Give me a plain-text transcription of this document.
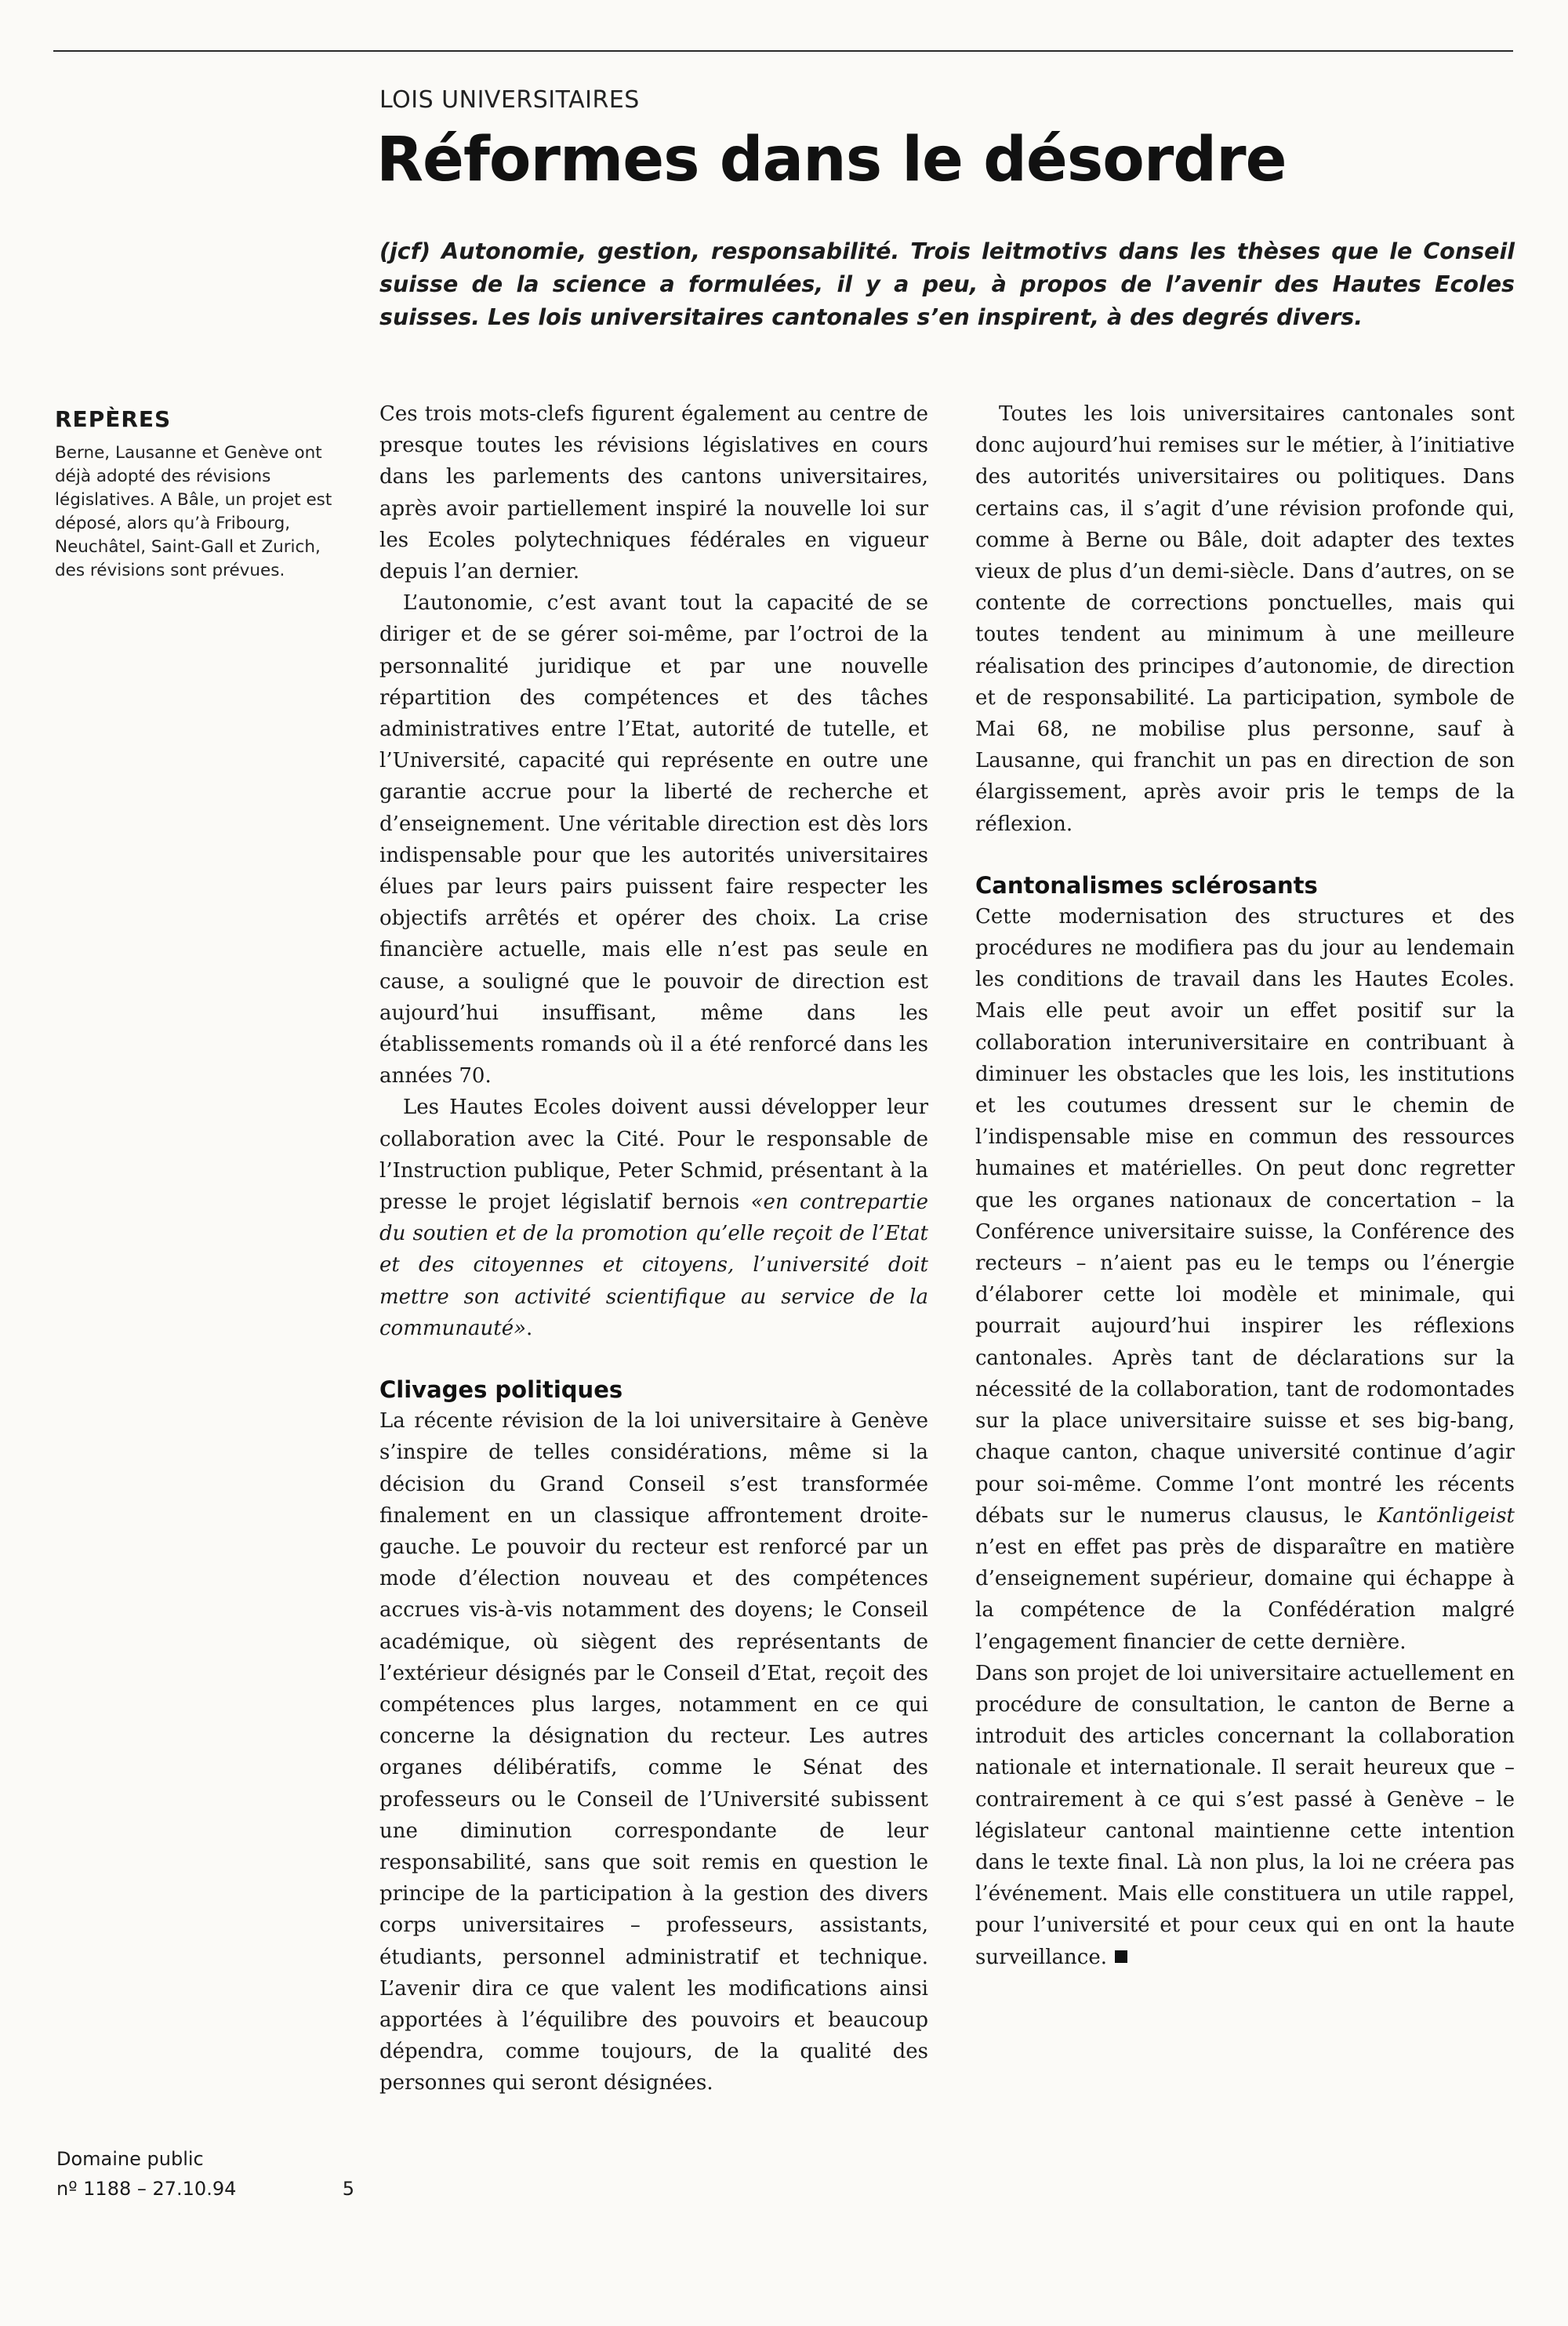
LOIS UNIVERSITAIRES
Réformes dans le désordre

(jcf) Autonomie, gestion, responsabilité. Trois leitmotivs dans les thèses que le Conseil suisse de la science a formulées, il y a peu, à propos de l’avenir des Hautes Ecoles suisses. Les lois universitaires cantonales s’en inspirent, à des degrés divers.

REPÈRES

Berne, Lausanne et Genève ont déjà adopté des révisions législatives. A Bâle, un projet est déposé, alors qu’à Fribourg, Neuchâtel, Saint-Gall et Zurich, des révisions sont prévues.

Domaine public
nº 1188 – 27.10.94	5

Ces trois mots-clefs figurent également au centre de presque toutes les révisions législatives en cours dans les parlements des cantons universitaires, après avoir partiellement inspiré la nouvelle loi sur les Ecoles polytechniques fédérales en vigueur depuis l’an dernier.

L’autonomie, c’est avant tout la capacité de se diriger et de se gérer soi-même, par l’octroi de la personnalité juridique et par une nouvelle répartition des compétences et des tâches administratives entre l’Etat, autorité de tutelle, et l’Université, capacité qui représente en outre une garantie accrue pour la liberté de recherche et d’enseignement. Une véritable direction est dès lors indispensable pour que les autorités universitaires élues par leurs pairs puissent faire respecter les objectifs arrêtés et opérer des choix. La crise financière actuelle, mais elle n’est pas seule en cause, a souligné que le pouvoir de direction est aujourd’hui insuffisant, même dans les établissements romands où il a été renforcé dans les années 70.

Les Hautes Ecoles doivent aussi développer leur collaboration avec la Cité. Pour le responsable de l’Instruction publique, Peter Schmid, présentant à la presse le projet législatif bernois «en contrepartie du soutien et de la promotion qu’elle reçoit de l’Etat et des citoyennes et citoyens, l’université doit mettre son activité scientifique au service de la communauté».

Clivages politiques

La récente révision de la loi universitaire à Genève s’inspire de telles considérations, même si la décision du Grand Conseil s’est transformée finalement en un classique affrontement droite-gauche. Le pouvoir du recteur est renforcé par un mode d’élection nouveau et des compétences accrues vis-à-vis notamment des doyens; le Conseil académique, où siègent des représentants de l’extérieur désignés par le Conseil d’Etat, reçoit des compétences plus larges, notamment en ce qui concerne la désignation du recteur. Les autres organes délibératifs, comme le Sénat des professeurs ou le Conseil de l’Université subissent une diminution correspondante de leur responsabilité, sans que soit remis en question le principe de la participation à la gestion des divers corps universitaires – professeurs, assistants, étudiants, personnel administratif et technique. L’avenir dira ce que valent les modifications ainsi apportées à l’équilibre des pouvoirs et beaucoup dépendra, comme toujours, de la qualité des personnes qui seront désignées.

Toutes les lois universitaires cantonales sont donc aujourd’hui remises sur le métier, à l’initiative des autorités universitaires ou politiques. Dans certains cas, il s’agit d’une révision profonde qui, comme à Berne ou Bâle, doit adapter des textes vieux de plus d’un demi-siècle. Dans d’autres, on se contente de corrections ponctuelles, mais qui toutes tendent au minimum à une meilleure réalisation des principes d’autonomie, de direction et de responsabilité. La participation, symbole de Mai 68, ne mobilise plus personne, sauf à Lausanne, qui franchit un pas en direction de son élargissement, après avoir pris le temps de la réflexion.

Cantonalismes sclérosants

Cette modernisation des structures et des procédures ne modifiera pas du jour au lendemain les conditions de travail dans les Hautes Ecoles. Mais elle peut avoir un effet positif sur la collaboration interuniversitaire en contribuant à diminuer les obstacles que les lois, les institutions et les coutumes dressent sur le chemin de l’indispensable mise en commun des ressources humaines et matérielles. On peut donc regretter que les organes nationaux de concertation – la Conférence universitaire suisse, la Conférence des recteurs – n’aient pas eu le temps ou l’énergie d’élaborer cette loi modèle et minimale, qui pourrait aujourd’hui inspirer les réflexions cantonales. Après tant de déclarations sur la nécessité de la collaboration, tant de rodomontades sur la place universitaire suisse et ses big-bang, chaque canton, chaque université continue d’agir pour soi-même. Comme l’ont montré les récents débats sur le numerus clausus, le Kantönligeist n’est en effet pas près de disparaître en matière d’enseignement supérieur, domaine qui échappe à la compétence de la Confédération malgré l’engagement financier de cette dernière.

Dans son projet de loi universitaire actuellement en procédure de consultation, le canton de Berne a introduit des articles concernant la collaboration nationale et internationale. Il serait heureux que – contrairement à ce qui s’est passé à Genève – le législateur cantonal maintienne cette intention dans le texte final. Là non plus, la loi ne créera pas l’événement. Mais elle constituera un utile rappel, pour l’université et pour ceux qui en ont la haute surveillance.
